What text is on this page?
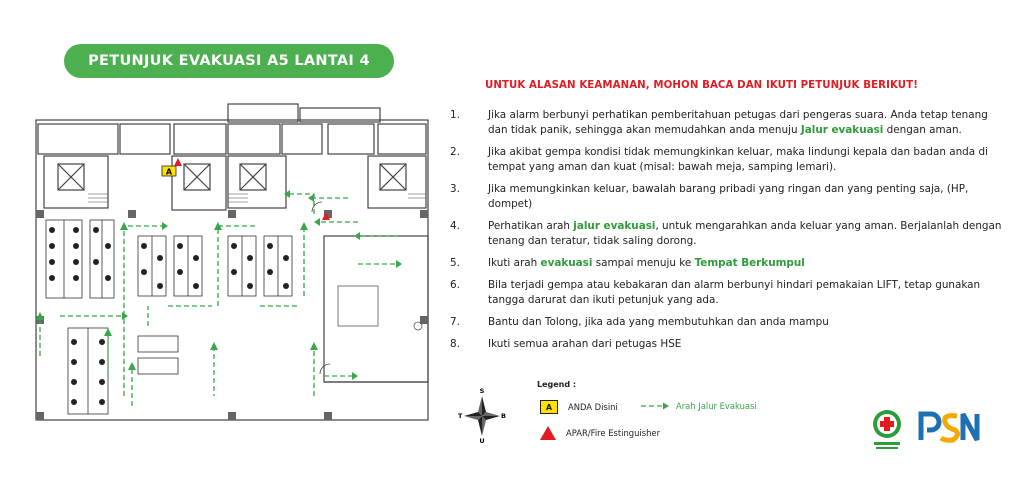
PETUNJUK EVAKUASI A5 LANTAI 4
A
UNTUK ALASAN KEAMANAN, MOHON BACA DAN IKUTI PETUNJUK BERIKUT!
1.	Jika alarm berbunyi perhatikan pemberitahuan petugas dari pengeras suara. Anda tetap tenang dan tidak panik, sehingga akan memudahkan anda menuju Jalur evakuasi dengan aman.
2.	Jika akibat gempa kondisi tidak memungkinkan keluar, maka lindungi kepala dan badan anda di tempat yang aman dan kuat (misal: bawah meja, samping lemari).
3.	Jika memungkinkan keluar, bawalah barang pribadi yang ringan dan yang penting saja, (HP, dompet)
4.	Perhatikan arah jalur evakuasi, untuk mengarahkan anda keluar yang aman. Berjalanlah dengan tenang dan teratur, tidak saling dorong.
5.	Ikuti arah evakuasi sampai menuju ke Tempat Berkumpul
6.	Bila terjadi gempa atau kebakaran dan alarm berbunyi hindari pemakaian LIFT, tetap gunakan tangga darurat dan ikuti petunjuk yang ada.
7.	Bantu dan Tolong, jika ada yang membutuhkan dan anda mampu
8.	Ikuti semua arahan dari petugas HSE
S
U
T	B
Legend :
A	ANDA Disini	Arah Jalur Evakuasi
APAR/Fire Estinguisher
